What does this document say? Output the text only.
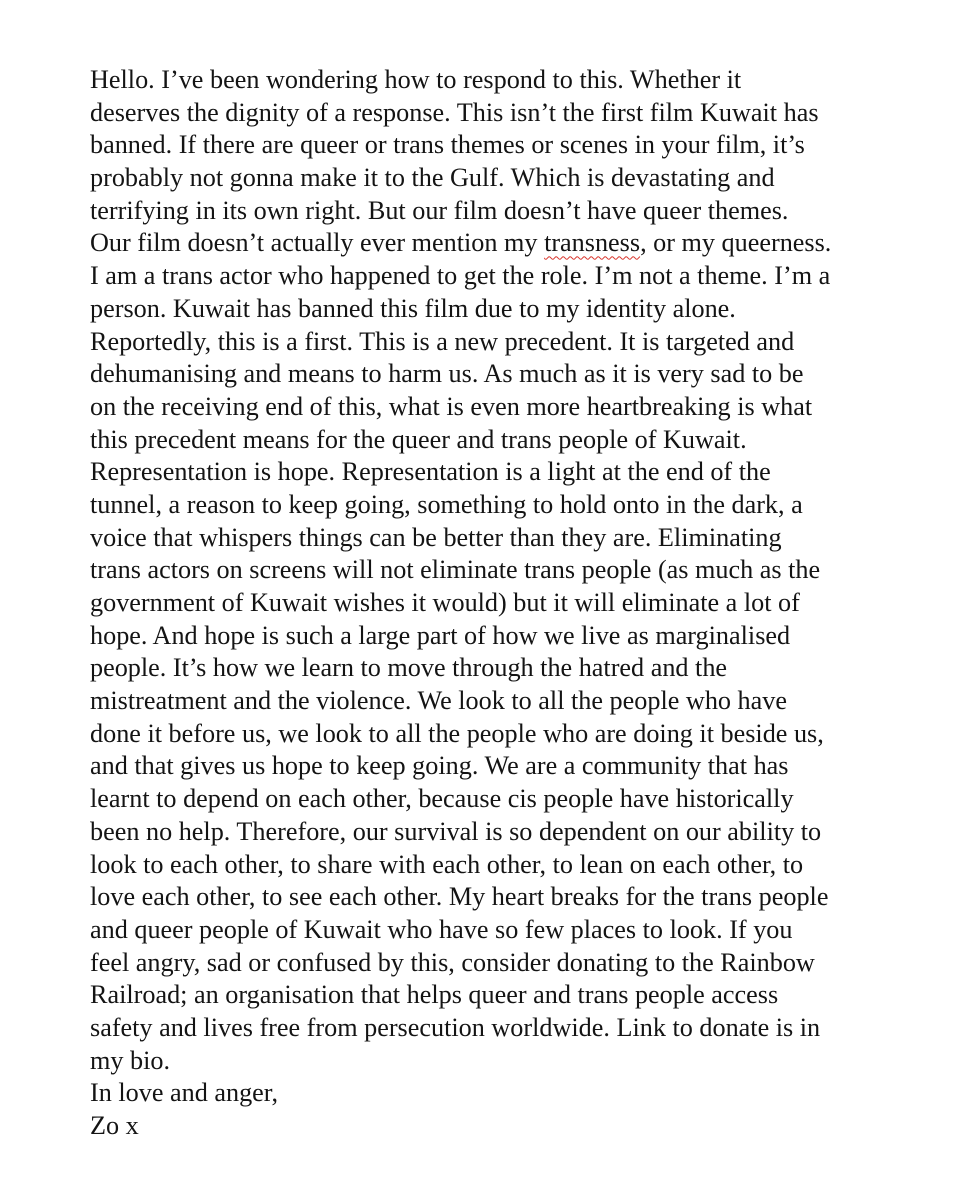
Hello. I’ve been wondering how to respond to this. Whether it
deserves the dignity of a response. This isn’t the first film Kuwait has
banned. If there are queer or trans themes or scenes in your film, it’s
probably not gonna make it to the Gulf. Which is devastating and
terrifying in its own right. But our film doesn’t have queer themes.
Our film doesn’t actually ever mention my transness, or my queerness.
I am a trans actor who happened to get the role. I’m not a theme. I’m a
person. Kuwait has banned this film due to my identity alone.
Reportedly, this is a first. This is a new precedent. It is targeted and
dehumanising and means to harm us. As much as it is very sad to be
on the receiving end of this, what is even more heartbreaking is what
this precedent means for the queer and trans people of Kuwait.
Representation is hope. Representation is a light at the end of the
tunnel, a reason to keep going, something to hold onto in the dark, a
voice that whispers things can be better than they are. Eliminating
trans actors on screens will not eliminate trans people (as much as the
government of Kuwait wishes it would) but it will eliminate a lot of
hope. And hope is such a large part of how we live as marginalised
people. It’s how we learn to move through the hatred and the
mistreatment and the violence. We look to all the people who have
done it before us, we look to all the people who are doing it beside us,
and that gives us hope to keep going. We are a community that has
learnt to depend on each other, because cis people have historically
been no help. Therefore, our survival is so dependent on our ability to
look to each other, to share with each other, to lean on each other, to
love each other, to see each other. My heart breaks for the trans people
and queer people of Kuwait who have so few places to look. If you
feel angry, sad or confused by this, consider donating to the Rainbow
Railroad; an organisation that helps queer and trans people access
safety and lives free from persecution worldwide. Link to donate is in
my bio.
In love and anger,
Zo x
